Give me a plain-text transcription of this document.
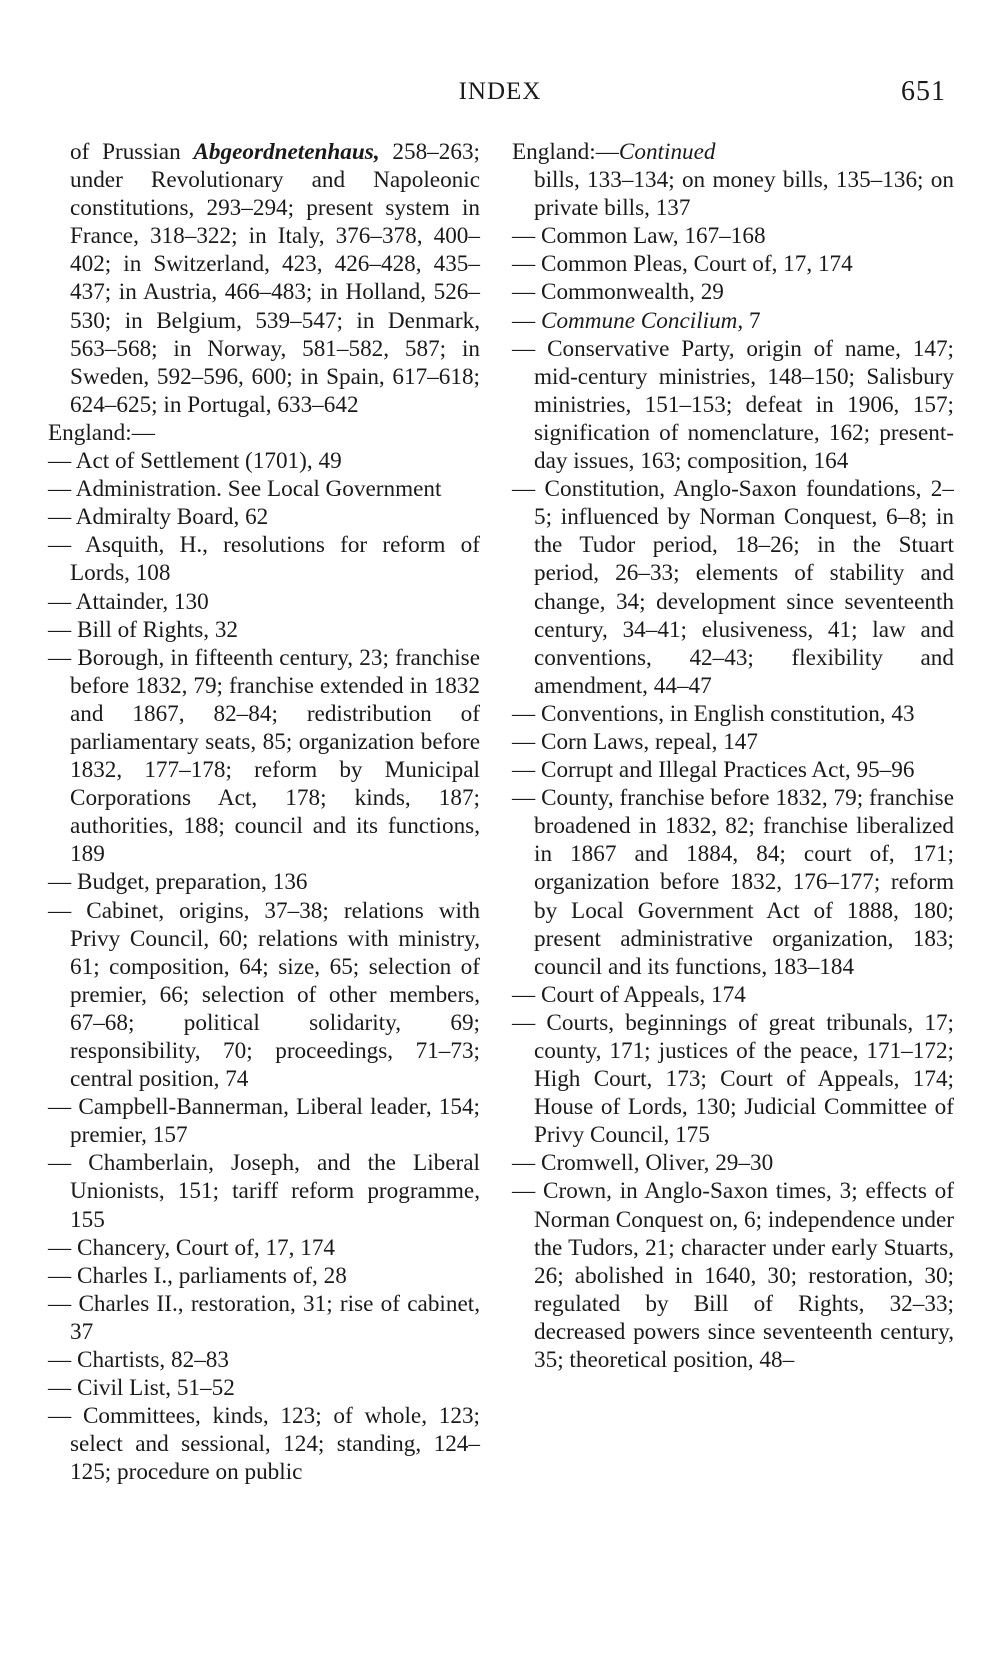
INDEX	651

of Prussian Abgeordnetenhaus, 258–263; under Revolutionary and Napoleonic constitutions, 293–294; present system in France, 318–322; in Italy, 376–378, 400–402; in Switzerland, 423, 426–428, 435–437; in Austria, 466–483; in Holland, 526–530; in Belgium, 539–547; in Denmark, 563–568; in Norway, 581–582, 587; in Sweden, 592–596, 600; in Spain, 617–618; 624–625; in Portugal, 633–642

England:—

— Act of Settlement (1701), 49

— Administration. See Local Government

— Admiralty Board, 62

— Asquith, H., resolutions for reform of Lords, 108

— Attainder, 130

— Bill of Rights, 32

— Borough, in fifteenth century, 23; franchise before 1832, 79; franchise extended in 1832 and 1867, 82–84; redistribution of parliamentary seats, 85; organization before 1832, 177–178; reform by Municipal Corporations Act, 178; kinds, 187; authorities, 188; council and its functions, 189

— Budget, preparation, 136

— Cabinet, origins, 37–38; relations with Privy Council, 60; relations with ministry, 61; composition, 64; size, 65; selection of premier, 66; selection of other members, 67–68; political solidarity, 69; responsibility, 70; proceedings, 71–73; central position, 74

— Campbell-Bannerman, Liberal leader, 154; premier, 157

— Chamberlain, Joseph, and the Liberal Unionists, 151; tariff reform programme, 155

— Chancery, Court of, 17, 174

— Charles I., parliaments of, 28

— Charles II., restoration, 31; rise of cabinet, 37

— Chartists, 82–83

— Civil List, 51–52

— Committees, kinds, 123; of whole, 123; select and sessional, 124; standing, 124–125; procedure on public

England:—Continued

bills, 133–134; on money bills, 135–136; on private bills, 137

— Common Law, 167–168

— Common Pleas, Court of, 17, 174

— Commonwealth, 29

— Commune Concilium, 7

— Conservative Party, origin of name, 147; mid-century ministries, 148–150; Salisbury ministries, 151–153; defeat in 1906, 157; signification of nomenclature, 162; present-day issues, 163; composition, 164

— Constitution, Anglo-Saxon foundations, 2–5; influenced by Norman Conquest, 6–8; in the Tudor period, 18–26; in the Stuart period, 26–33; elements of stability and change, 34; development since seventeenth century, 34–41; elusiveness, 41; law and conventions, 42–43; flexibility and amendment, 44–47

— Conventions, in English constitution, 43

— Corn Laws, repeal, 147

— Corrupt and Illegal Practices Act, 95–96

— County, franchise before 1832, 79; franchise broadened in 1832, 82; franchise liberalized in 1867 and 1884, 84; court of, 171; organization before 1832, 176–177; reform by Local Government Act of 1888, 180; present administrative organization, 183; council and its functions, 183–184

— Court of Appeals, 174

— Courts, beginnings of great tribunals, 17; county, 171; justices of the peace, 171–172; High Court, 173; Court of Appeals, 174; House of Lords, 130; Judicial Committee of Privy Council, 175

— Cromwell, Oliver, 29–30

— Crown, in Anglo-Saxon times, 3; effects of Norman Conquest on, 6; independence under the Tudors, 21; character under early Stuarts, 26; abolished in 1640, 30; restoration, 30; regulated by Bill of Rights, 32–33; decreased powers since seventeenth century, 35; theoretical position, 48–
